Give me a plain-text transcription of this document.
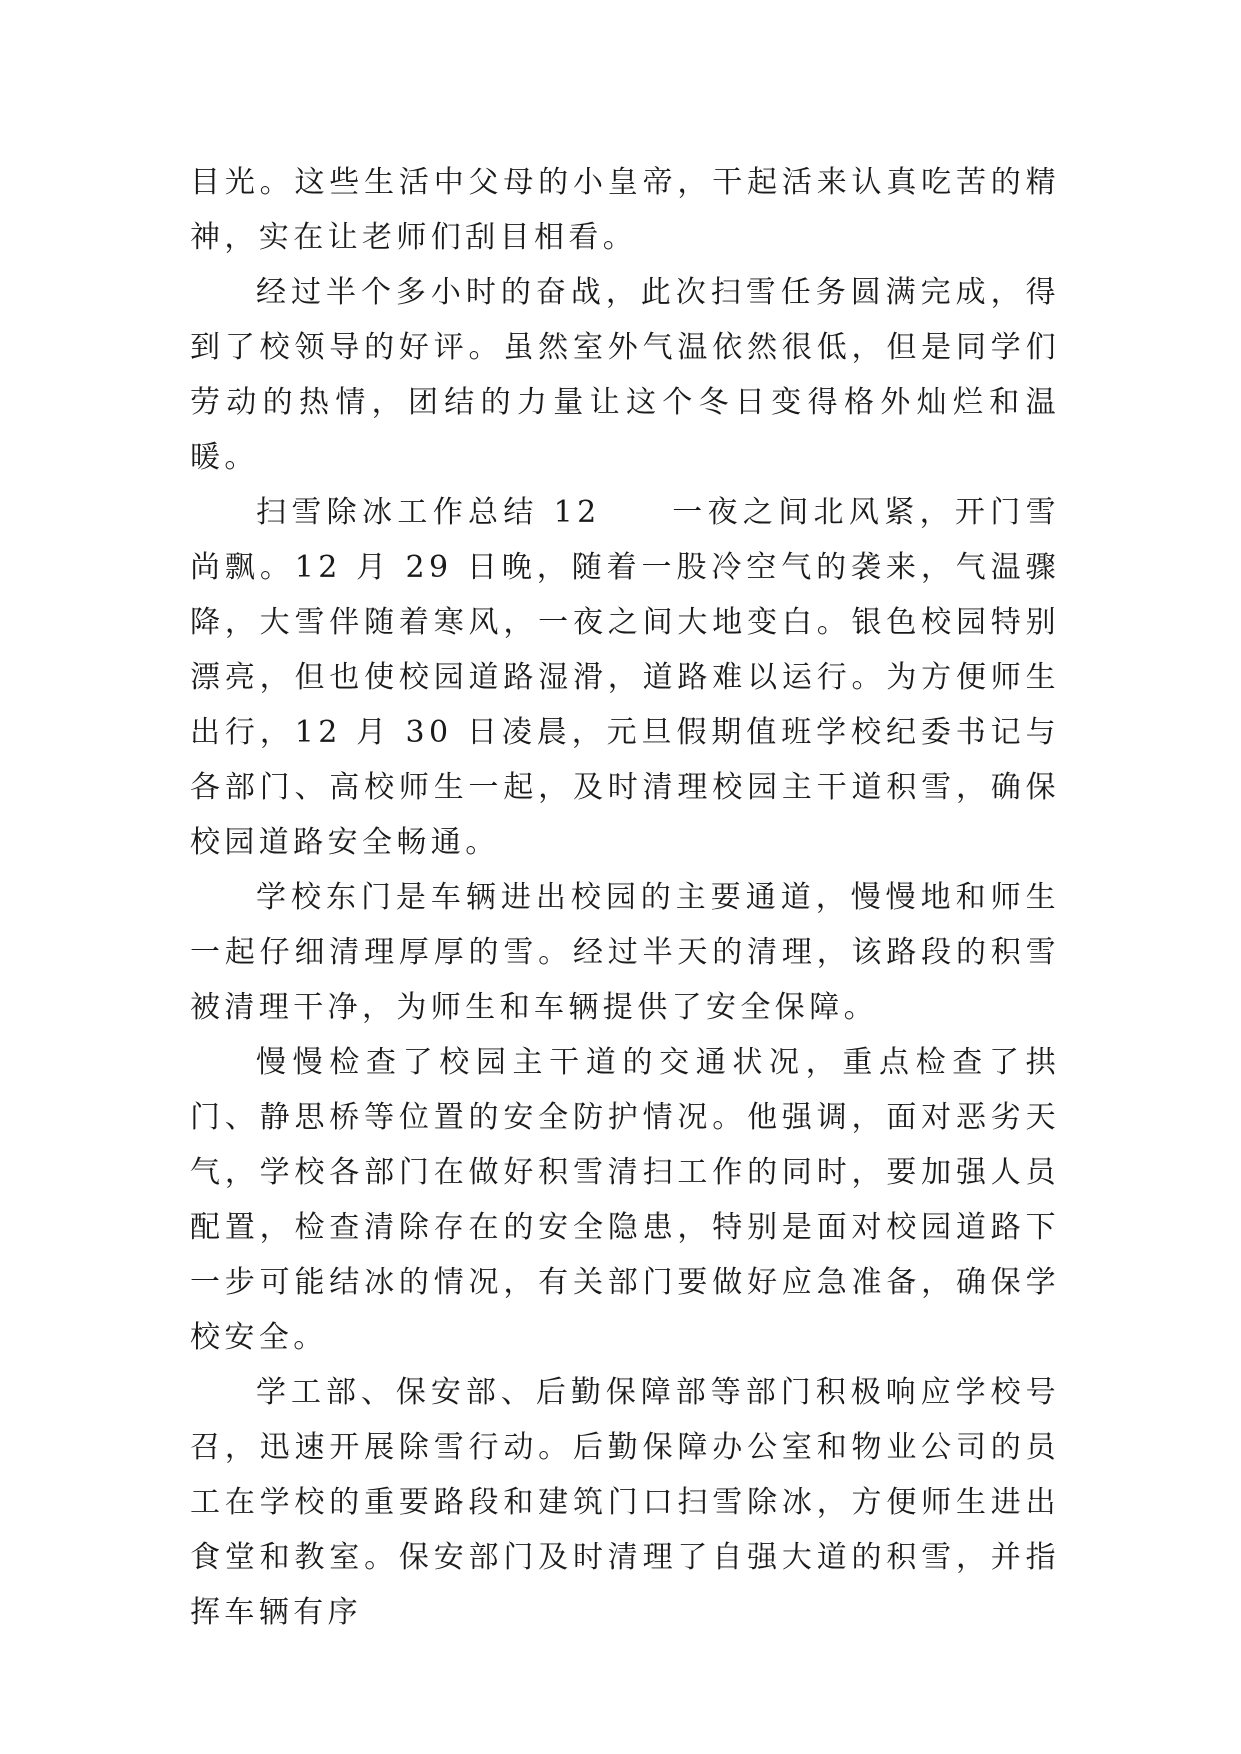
目光。这些生活中父母的小皇帝，干起活来认真吃苦的精神，实在让老师们刮目相看。

经过半个多小时的奋战，此次扫雪任务圆满完成，得到了校领导的好评。虽然室外气温依然很低，但是同学们劳动的热情，团结的力量让这个冬日变得格外灿烂和温暖。

扫雪除冰工作总结 12　　一夜之间北风紧，开门雪尚飘。12 月 29 日晚，随着一股冷空气的袭来，气温骤降，大雪伴随着寒风，一夜之间大地变白。银色校园特别漂亮，但也使校园道路湿滑，道路难以运行。为方便师生出行，12 月 30 日凌晨，元旦假期值班学校纪委书记与各部门、高校师生一起，及时清理校园主干道积雪，确保校园道路安全畅通。

学校东门是车辆进出校园的主要通道，慢慢地和师生一起仔细清理厚厚的雪。经过半天的清理，该路段的积雪被清理干净，为师生和车辆提供了安全保障。

慢慢检查了校园主干道的交通状况，重点检查了拱门、静思桥等位置的安全防护情况。他强调，面对恶劣天气，学校各部门在做好积雪清扫工作的同时，要加强人员配置，检查清除存在的安全隐患，特别是面对校园道路下一步可能结冰的情况，有关部门要做好应急准备，确保学校安全。

学工部、保安部、后勤保障部等部门积极响应学校号召，迅速开展除雪行动。后勤保障办公室和物业公司的员工在学校的重要路段和建筑门口扫雪除冰，方便师生进出食堂和教室。保安部门及时清理了自强大道的积雪，并指挥车辆有序
